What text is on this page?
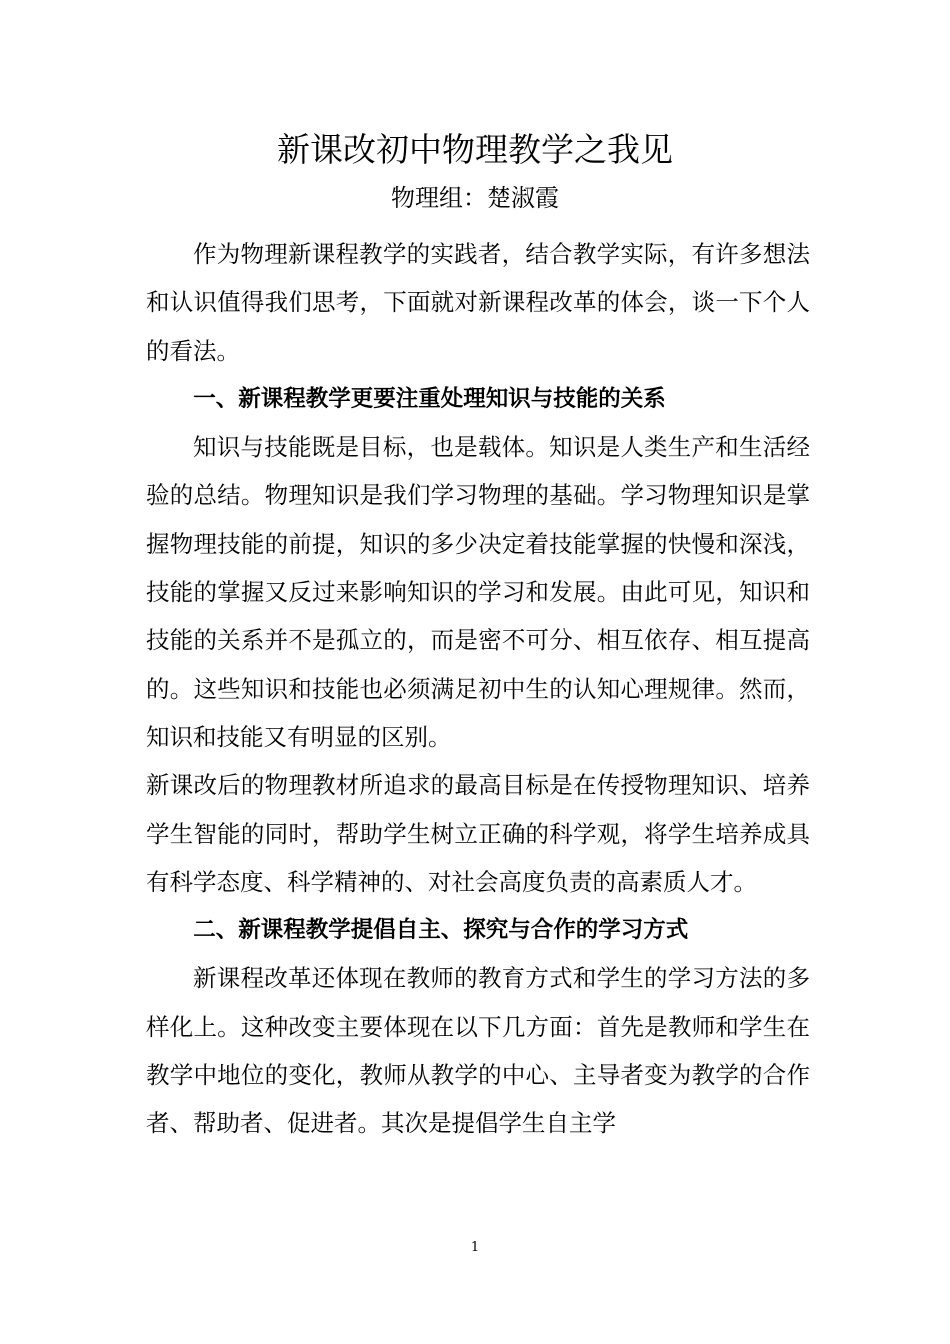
新课改初中物理教学之我见
物理组：楚淑霞

作为物理新课程教学的实践者，结合教学实际，有许多想法和认识值得我们思考，下面就对新课程改革的体会，谈一下个人的看法。

一、新课程教学更要注重处理知识与技能的关系

知识与技能既是目标，也是载体。知识是人类生产和生活经验的总结。物理知识是我们学习物理的基础。学习物理知识是掌握物理技能的前提，知识的多少决定着技能掌握的快慢和深浅，技能的掌握又反过来影响知识的学习和发展。由此可见，知识和技能的关系并不是孤立的，而是密不可分、相互依存、相互提高的。这些知识和技能也必须满足初中生的认知心理规律。然而，知识和技能又有明显的区别。

新课改后的物理教材所追求的最高目标是在传授物理知识、培养学生智能的同时，帮助学生树立正确的科学观，将学生培养成具有科学态度、科学精神的、对社会高度负责的高素质人才。

二、新课程教学提倡自主、探究与合作的学习方式

新课程改革还体现在教师的教育方式和学生的学习方法的多样化上。这种改变主要体现在以下几方面：首先是教师和学生在教学中地位的变化，教师从教学的中心、主导者变为教学的合作者、帮助者、促进者。其次是提倡学生自主学

1
